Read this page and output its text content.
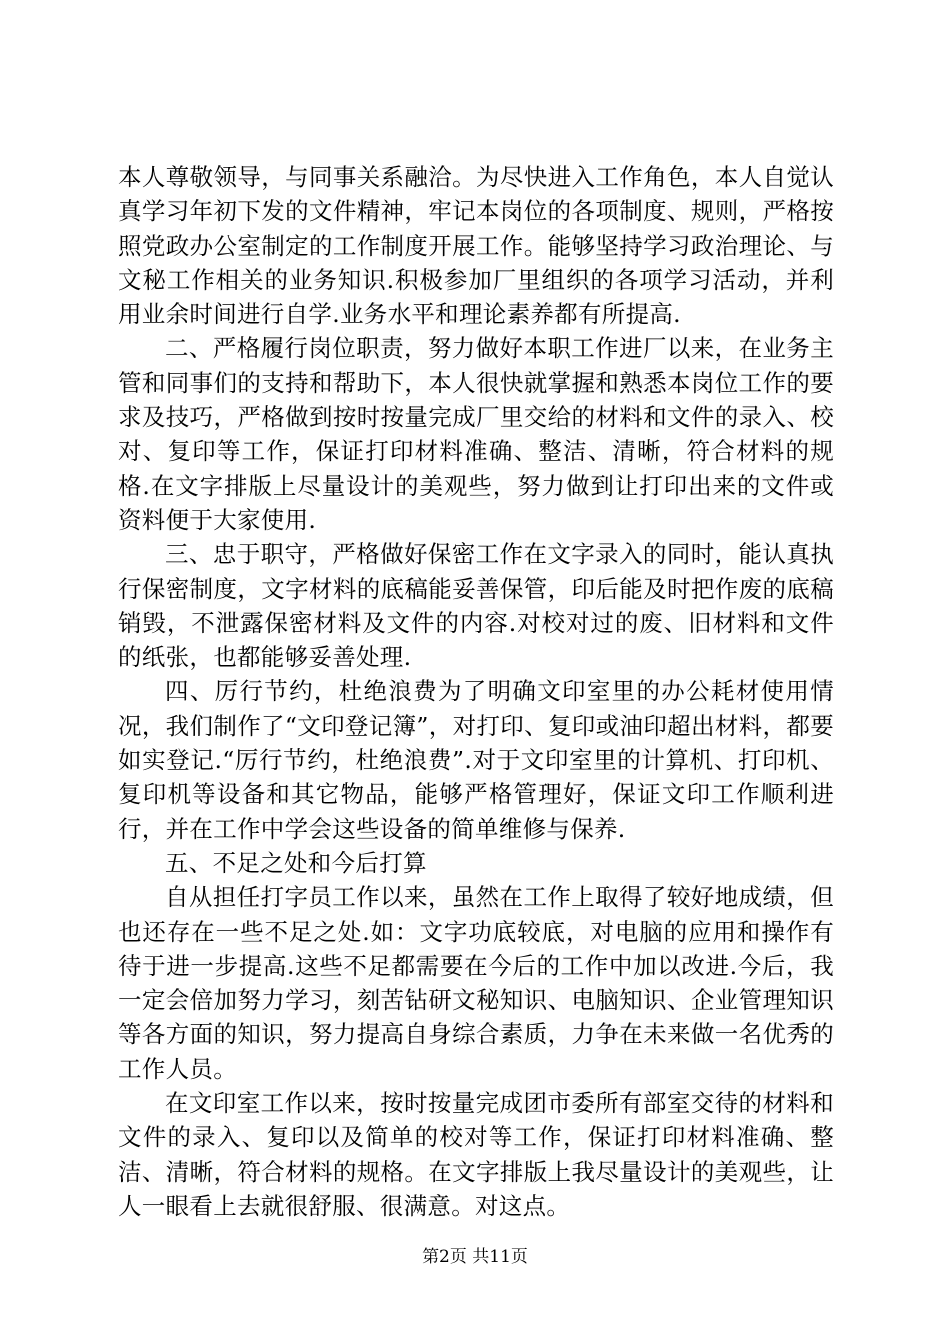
本人尊敬领导，与同事关系融洽。为尽快进入工作角色，本人自觉认真学习年初下发的文件精神，牢记本岗位的各项制度、规则，严格按照党政办公室制定的工作制度开展工作。能够坚持学习政治理论、与文秘工作相关的业务知识.积极参加厂里组织的各项学习活动，并利用业余时间进行自学.业务水平和理论素养都有所提高.

二、严格履行岗位职责，努力做好本职工作进厂以来，在业务主管和同事们的支持和帮助下，本人很快就掌握和熟悉本岗位工作的要求及技巧，严格做到按时按量完成厂里交给的材料和文件的录入、校对、复印等工作，保证打印材料准确、整洁、清晰，符合材料的规格.在文字排版上尽量设计的美观些，努力做到让打印出来的文件或资料便于大家使用.

三、忠于职守，严格做好保密工作在文字录入的同时，能认真执行保密制度，文字材料的底稿能妥善保管，印后能及时把作废的底稿销毁，不泄露保密材料及文件的内容.对校对过的废、旧材料和文件的纸张，也都能够妥善处理.

四、厉行节约，杜绝浪费为了明确文印室里的办公耗材使用情况，我们制作了“文印登记簿”，对打印、复印或油印超出材料，都要如实登记.“厉行节约，杜绝浪费”.对于文印室里的计算机、打印机、复印机等设备和其它物品，能够严格管理好，保证文印工作顺利进行，并在工作中学会这些设备的简单维修与保养.

五、不足之处和今后打算

自从担任打字员工作以来，虽然在工作上取得了较好地成绩，但也还存在一些不足之处.如：文字功底较底，对电脑的应用和操作有待于进一步提高.这些不足都需要在今后的工作中加以改进.今后，我一定会倍加努力学习，刻苦钻研文秘知识、电脑知识、企业管理知识等各方面的知识，努力提高自身综合素质，力争在未来做一名优秀的工作人员。

在文印室工作以来，按时按量完成团市委所有部室交待的材料和文件的录入、复印以及简单的校对等工作，保证打印材料准确、整洁、清晰，符合材料的规格。在文字排版上我尽量设计的美观些，让人一眼看上去就很舒服、很满意。对这点。

第2页 共11页
